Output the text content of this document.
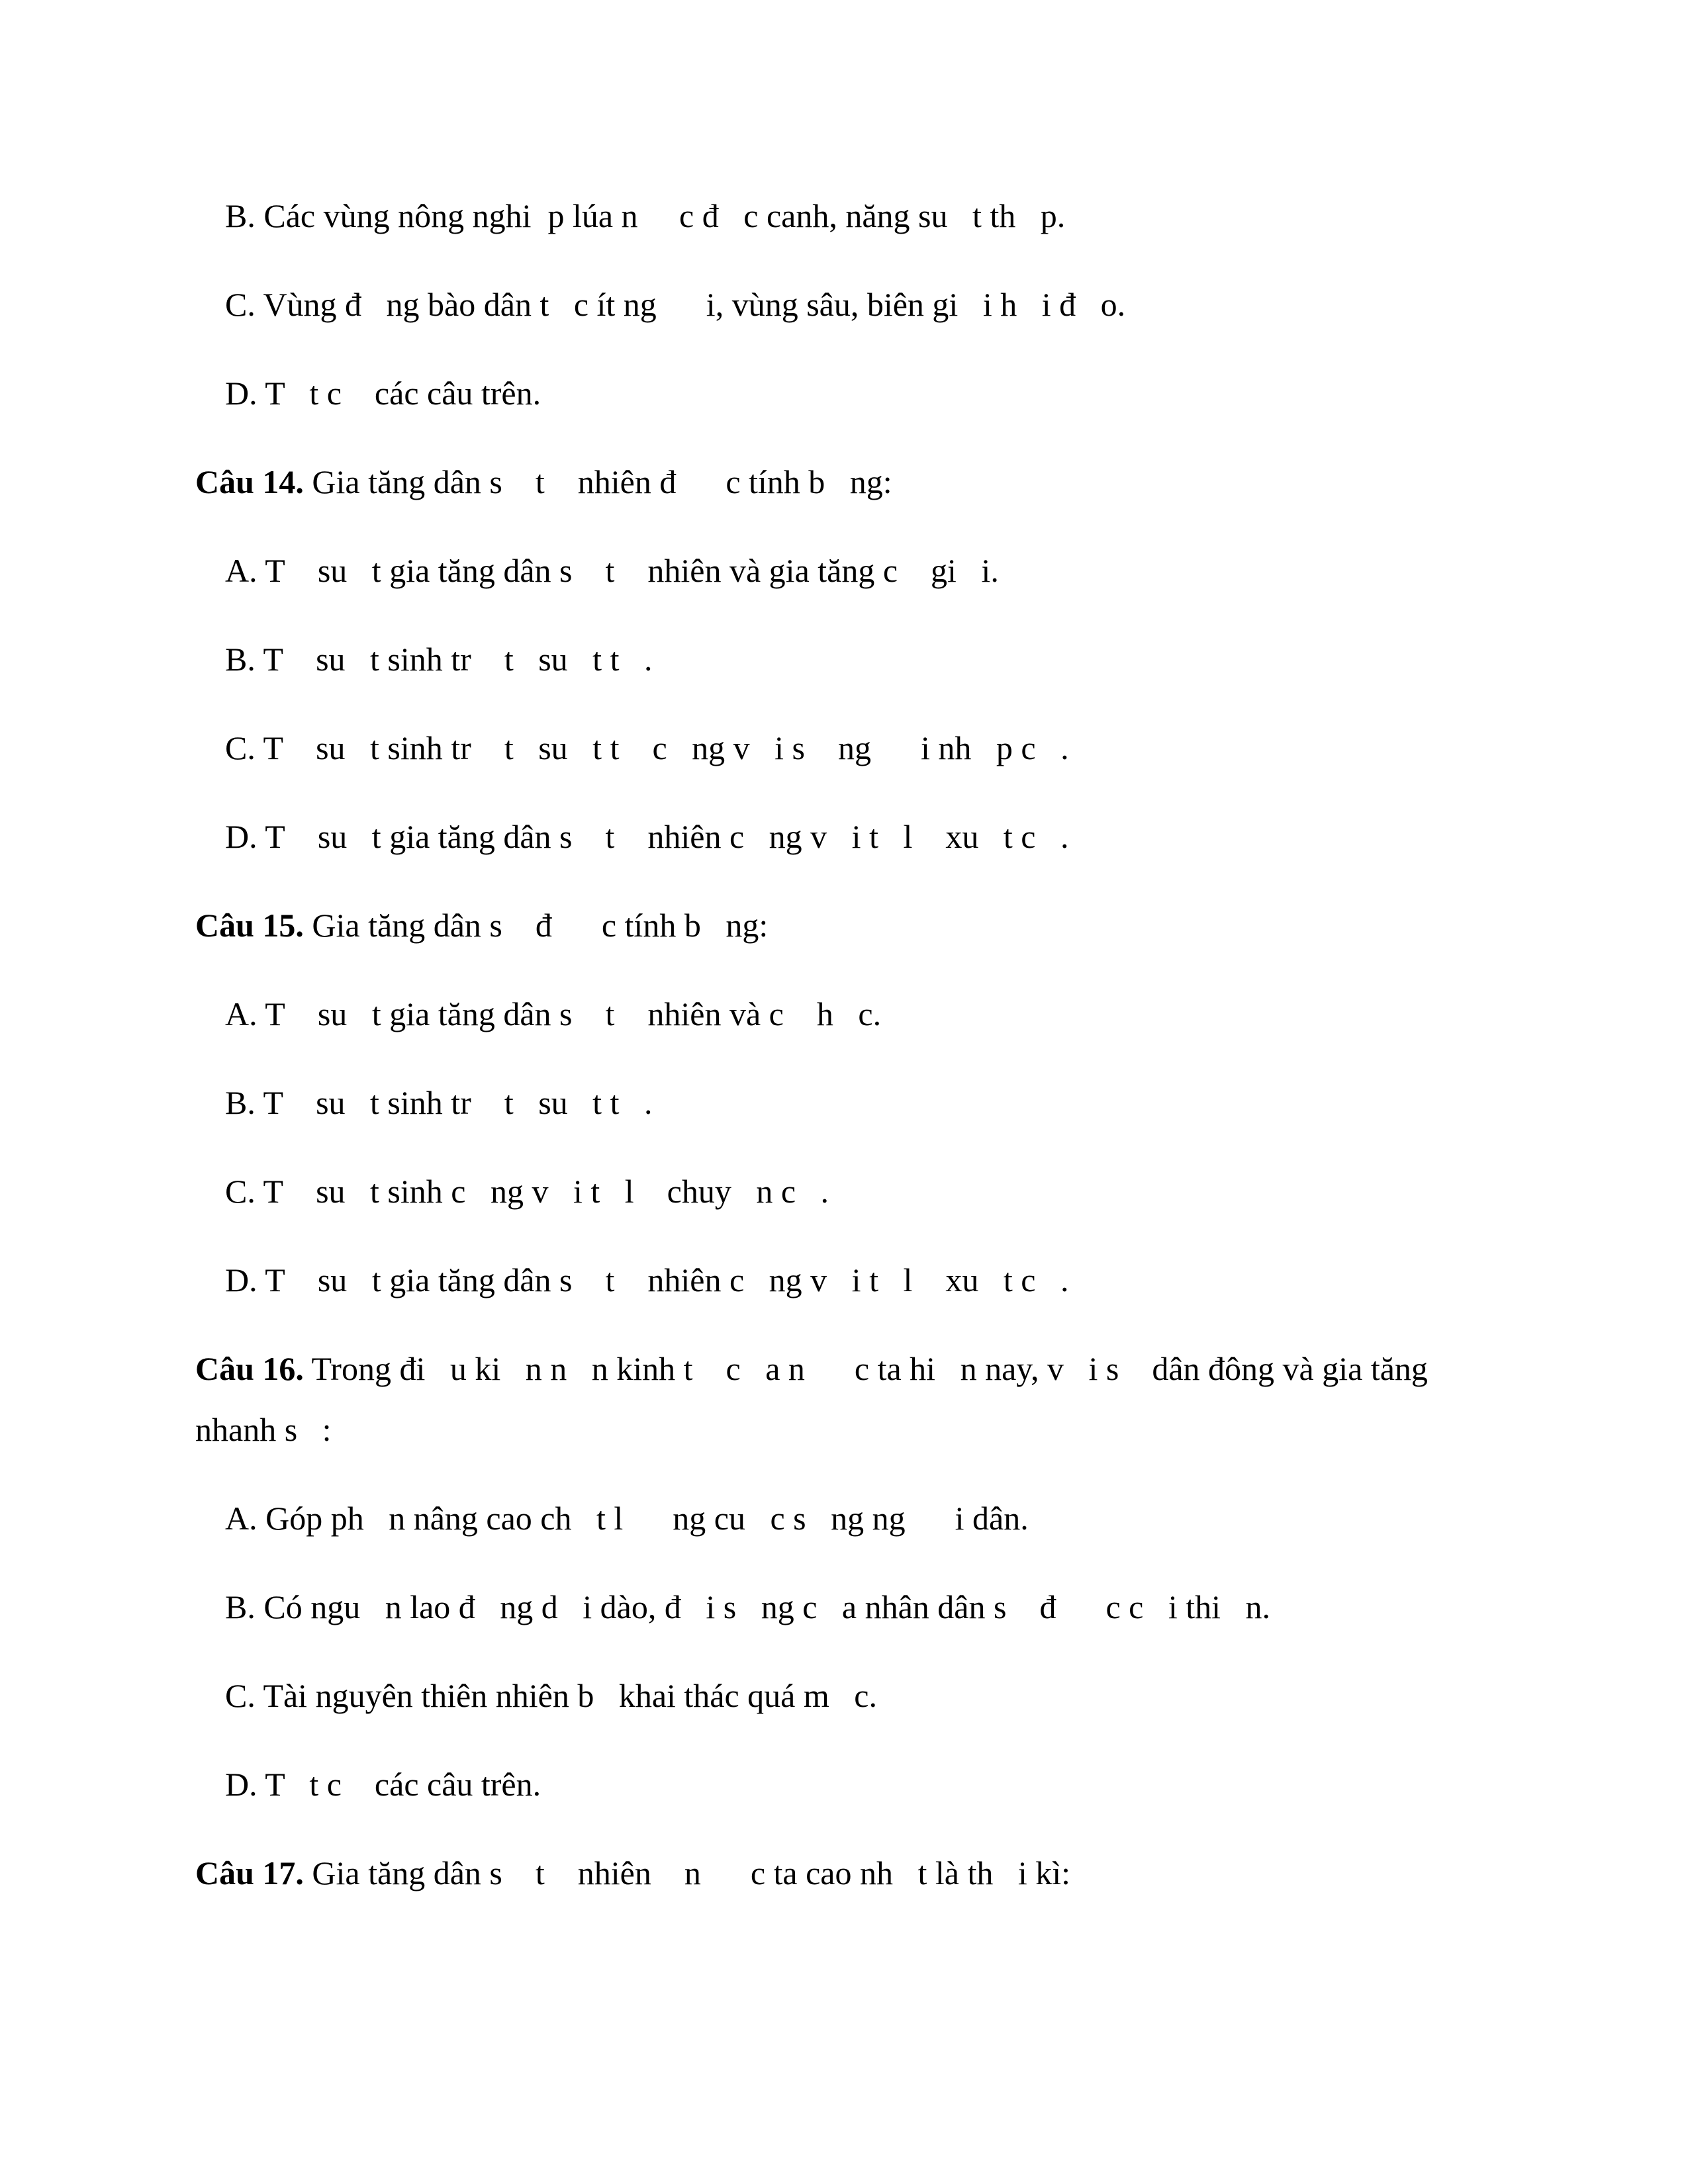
B. Các vùng nông nghi  p lúa n     c đ   c canh, năng su   t th   p.
C. Vùng đ   ng bào dân t   c ít ng      i, vùng sâu, biên gi   i h   i đ   o.
D. T   t c    các câu trên.
Câu 14. Gia tăng dân s    t    nhiên đ      c tính b   ng:
A. T    su   t gia tăng dân s    t    nhiên và gia tăng c    gi   i.
B. T    su   t sinh tr    t   su   t t   .
C. T    su   t sinh tr    t   su   t t    c   ng v   i s    ng      i nh   p c   .
D. T    su   t gia tăng dân s    t    nhiên c   ng v   i t   l    xu   t c   .
Câu 15. Gia tăng dân s    đ      c tính b   ng:
A. T    su   t gia tăng dân s    t    nhiên và c    h   c.
B. T    su   t sinh tr    t   su   t t   .
C. T    su   t sinh c   ng v   i t   l    chuy   n c   .
D. T    su   t gia tăng dân s    t    nhiên c   ng v   i t   l    xu   t c   .
Câu 16. Trong đi   u ki   n n   n kinh t    c   a n      c ta hi   n nay, v   i s    dân đông và gia tăng
nhanh s   :
A. Góp ph   n nâng cao ch   t l      ng cu   c s   ng ng      i dân.
B. Có ngu   n lao đ   ng d   i dào, đ   i s   ng c   a nhân dân s    đ      c c   i thi   n.
C. Tài nguyên thiên nhiên b   khai thác quá m   c.
D. T   t c    các câu trên.
Câu 17. Gia tăng dân s    t    nhiên    n      c ta cao nh   t là th   i kì:
